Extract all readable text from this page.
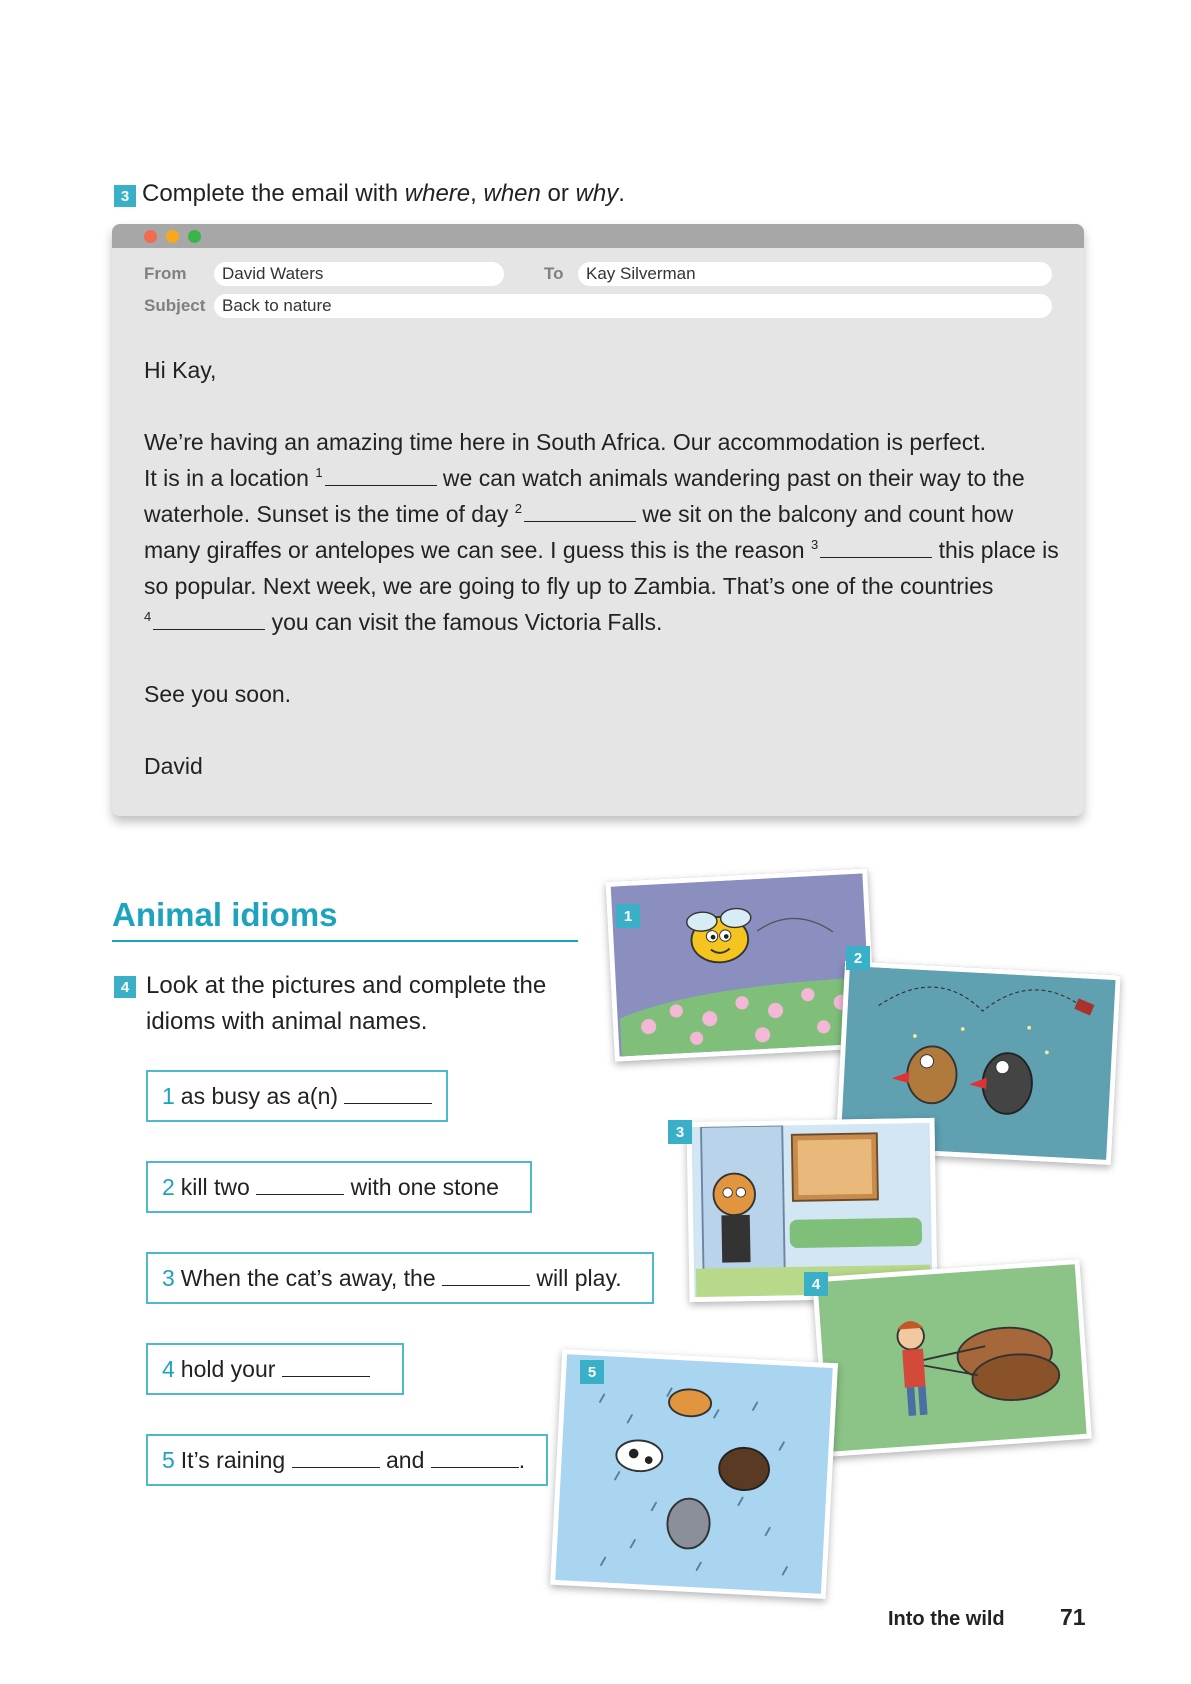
3 Complete the email with where, when or why.
From	David Waters	To	Kay Silverman
Subject Back to nature

Hi Kay,

We’re having an amazing time here in South Africa. Our accommodation is perfect.

It is in a location $^1$	we can watch animals wandering past on their way to the

waterhole. Sunset is the time of day $^2$	we sit on the balcony and count how

many giraffes or antelopes we can see. I guess this is the reason $^3$	this place is

so popular. Next week, we are going to fly up to Zambia. That’s one of the countries

$^4$	you can visit the famous Victoria Falls.

See you soon.

David

Animal idioms
4 Look at the pictures and complete the
idioms with animal names.
1 as busy as a(n)
2 kill two	with one stone
3 When the cat’s away, the	will play.
4 hold your
5 It’s raining	and	.
1
2
3
4
5
Into the wild 71
